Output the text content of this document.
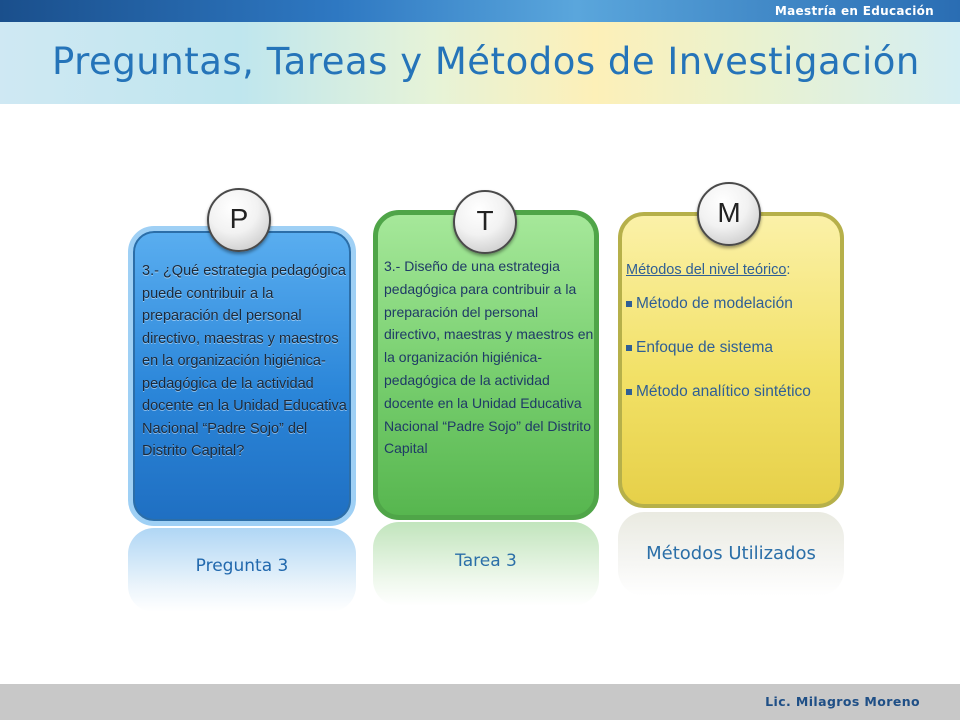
Maestría en Educación
Preguntas, Tareas y Métodos de Investigación
3.- ¿Qué estrategia pedagógica puede contribuir a la preparación del personal directivo, maestras y maestros en la organización higiénica-pedagógica de la actividad docente en la Unidad Educativa Nacional “Padre Sojo” del Distrito Capital?
P
Pregunta 3
3.- Diseño de una estrategia pedagógica para contribuir a la preparación del personal directivo, maestras y maestros en la organización higiénica-pedagógica de la actividad docente en la Unidad Educativa Nacional “Padre Sojo” del Distrito Capital
T
Tarea 3

Métodos del nivel teórico:

Método de modelación
Enfoque de sistema
Método analítico sintético
M
Métodos Utilizados
Lic. Milagros Moreno
